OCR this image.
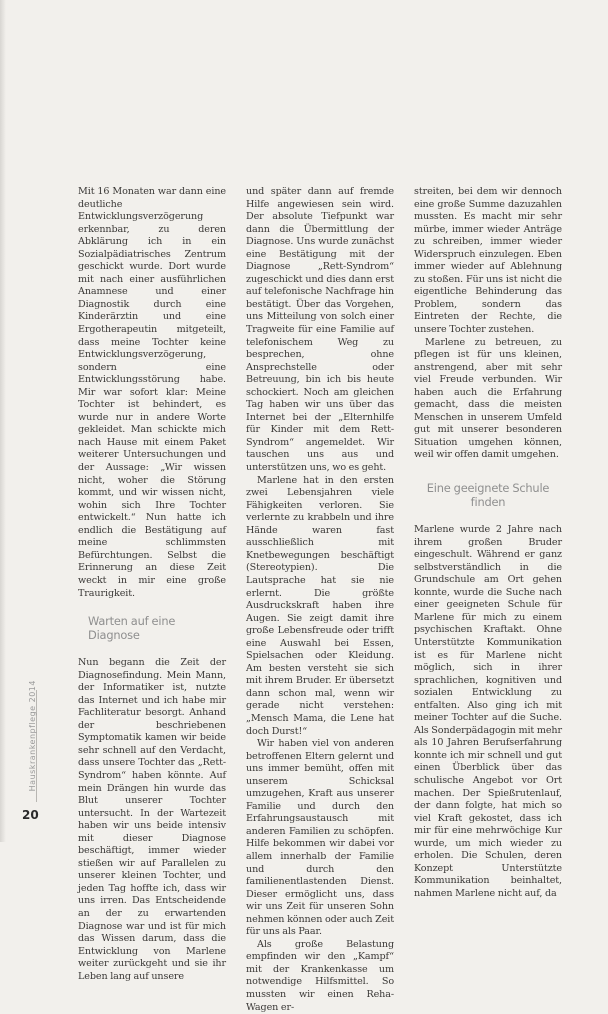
Mit 16 Monaten war dann eine deutliche Entwicklungsverzögerung erkennbar, zu deren Abklärung ich in ein Sozialpädiatrisches Zentrum geschickt wurde. Dort wurde mit nach einer ausführlichen Anamnese und einer Diagnostik durch eine Kinderärztin und eine Ergotherapeutin mitgeteilt, dass meine Tochter keine Entwicklungsverzögerung, sondern eine Entwicklungsstörung habe. Mir war sofort klar: Meine Tochter ist behindert, es wurde nur in andere Worte gekleidet. Man schickte mich nach Hause mit einem Paket weiterer Untersuchungen und der Aussage: „Wir wissen nicht, woher die Störung kommt, und wir wissen nicht, wohin sich Ihre Tochter entwickelt.“ Nun hatte ich endlich die Bestätigung auf meine schlimmsten Befürchtungen. Selbst die Erinnerung an diese Zeit weckt in mir eine große Traurigkeit.

Warten auf eine Diagnose

Nun begann die Zeit der Diagnosefindung. Mein Mann, der Informatiker ist, nutzte das Internet und ich habe mir Fachliteratur besorgt. Anhand der beschriebenen Symptomatik kamen wir beide sehr schnell auf den Verdacht, dass unsere Tochter das „Rett-Syndrom“ haben könnte. Auf mein Drängen hin wurde das Blut unserer Tochter untersucht. In der Wartezeit haben wir uns beide intensiv mit dieser Diagnose beschäftigt, immer wieder stießen wir auf Parallelen zu unserer kleinen Tochter, und jeden Tag hoffte ich, dass wir uns irren. Das Entscheidende an der zu erwartenden Diagnose war und ist für mich das Wissen darum, dass die Entwicklung von Marlene weiter zurückgeht und sie ihr Leben lang auf unsere

und später dann auf fremde Hilfe angewiesen sein wird. Der absolute Tiefpunkt war dann die Übermittlung der Diagnose. Uns wurde zunächst eine Bestätigung mit der Diagnose „Rett-Syndrom“ zugeschickt und dies dann erst auf telefonische Nachfrage hin bestätigt. Über das Vorgehen, uns Mitteilung von solch einer Tragweite für eine Familie auf telefonischem Weg zu besprechen, ohne Ansprechstelle oder Betreuung, bin ich bis heute schockiert. Noch am gleichen Tag haben wir uns über das Internet bei der „Elternhilfe für Kinder mit dem Rett-Syndrom“ angemeldet. Wir tauschen uns aus und unterstützen uns, wo es geht.

Marlene hat in den ersten zwei Lebensjahren viele Fähigkeiten verloren. Sie verlernte zu krabbeln und ihre Hände waren fast ausschließlich mit Knetbewegungen beschäftigt (Stereotypien). Die Lautsprache hat sie nie erlernt. Die größte Ausdruckskraft haben ihre Augen. Sie zeigt damit ihre große Lebensfreude oder trifft eine Auswahl bei Essen, Spielsachen oder Kleidung. Am besten versteht sie sich mit ihrem Bruder. Er übersetzt dann schon mal, wenn wir gerade nicht verstehen: „Mensch Mama, die Lene hat doch Durst!“

Wir haben viel von anderen betroffenen Eltern gelernt und uns immer bemüht, offen mit unserem Schicksal umzugehen, Kraft aus unserer Familie und durch den Erfahrungsaustausch mit anderen Familien zu schöpfen. Hilfe bekommen wir dabei vor allem innerhalb der Familie und durch den familienentlastenden Dienst. Dieser ermöglicht uns, dass wir uns Zeit für unseren Sohn nehmen können oder auch Zeit für uns als Paar.

Als große Belastung empfinden wir den „Kampf“ mit der Krankenkasse um notwendige Hilfsmittel. So mussten wir einen Reha-Wagen er-

streiten, bei dem wir dennoch eine große Summe dazuzahlen mussten. Es macht mir sehr mürbe, immer wieder Anträge zu schreiben, immer wieder Widerspruch einzulegen. Eben immer wieder auf Ablehnung zu stoßen. Für uns ist nicht die eigentliche Behinderung das Problem, sondern das Eintreten der Rechte, die unsere Tochter zustehen.

Marlene zu betreuen, zu pflegen ist für uns kleinen, anstrengend, aber mit sehr viel Freude verbunden. Wir haben auch die Erfahrung gemacht, dass die meisten Menschen in unserem Umfeld gut mit unserer besonderen Situation umgehen können, weil wir offen damit umgehen.

Eine geeignete Schule finden

Marlene wurde 2 Jahre nach ihrem großen Bruder eingeschult. Während er ganz selbstverständlich in die Grundschule am Ort gehen konnte, wurde die Suche nach einer geeigneten Schule für Marlene für mich zu einem psychischen Kraftakt. Ohne Unterstützte Kommunikation ist es für Marlene nicht möglich, sich in ihrer sprachlichen, kognitiven und sozialen Entwicklung zu entfalten. Also ging ich mit meiner Tochter auf die Suche. Als Sonderpädagogin mit mehr als 10 Jahren Berufserfahrung konnte ich mir schnell und gut einen Überblick über das schulische Angebot vor Ort machen. Der Spießrutenlauf, der dann folgte, hat mich so viel Kraft gekostet, dass ich mir für eine mehrwöchige Kur wurde, um mich wieder zu erholen. Die Schulen, deren Konzept Unterstützte Kommunikation beinhaltet, nahmen Marlene nicht auf, da

Hauskrankenpflege 2014
20
